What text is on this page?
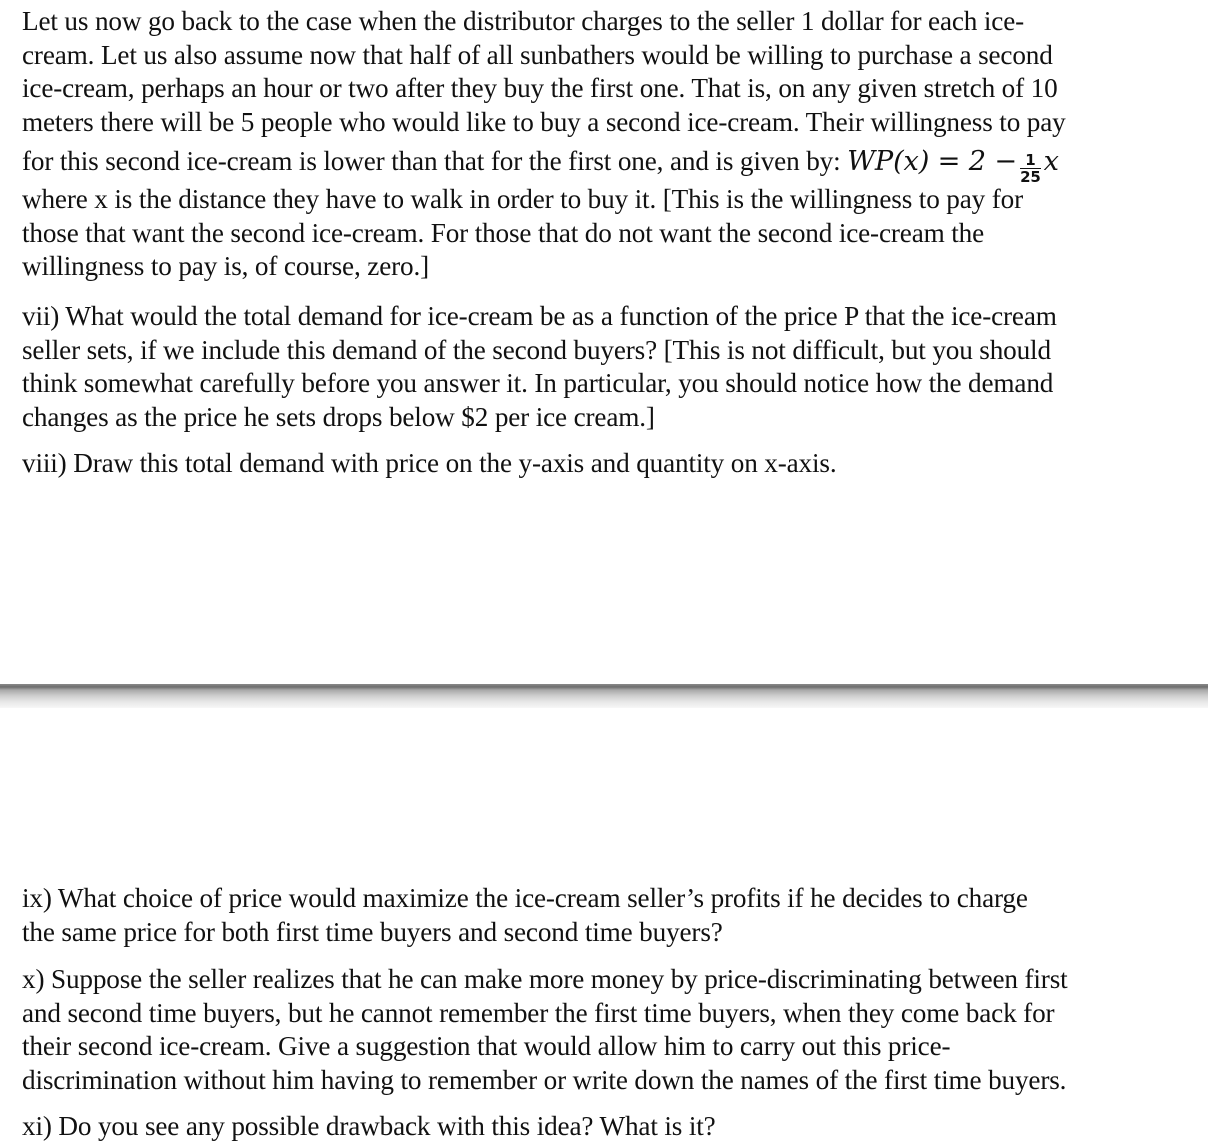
Let us now go back to the case when the distributor charges to the seller 1 dollar for each ice-
cream. Let us also assume now that half of all sunbathers would be willing to purchase a second
ice-cream, perhaps an hour or two after they buy the first one. That is, on any given stretch of 10
meters there will be 5 people who would like to buy a second ice-cream. Their willingness to pay
for this second ice-cream is lower than that for the first one, and is given by: $WP(x) = 2 - \frac{1}{25}$ x
where x is the distance they have to walk in order to buy it. [This is the willingness to pay for
those that want the second ice-cream. For those that do not want the second ice-cream the
willingness to pay is, of course, zero.]
vii) What would the total demand for ice-cream be as a function of the price P that the ice-cream
seller sets, if we include this demand of the second buyers? [This is not difficult, but you should
think somewhat carefully before you answer it. In particular, you should notice how the demand
changes as the price he sets drops below $2 per ice cream.]
viii) Draw this total demand with price on the y-axis and quantity on x-axis.
ix) What choice of price would maximize the ice-cream seller’s profits if he decides to charge
the same price for both first time buyers and second time buyers?
x) Suppose the seller realizes that he can make more money by price-discriminating between first
and second time buyers, but he cannot remember the first time buyers, when they come back for
their second ice-cream. Give a suggestion that would allow him to carry out this price-
discrimination without him having to remember or write down the names of the first time buyers.
xi) Do you see any possible drawback with this idea? What is it?
